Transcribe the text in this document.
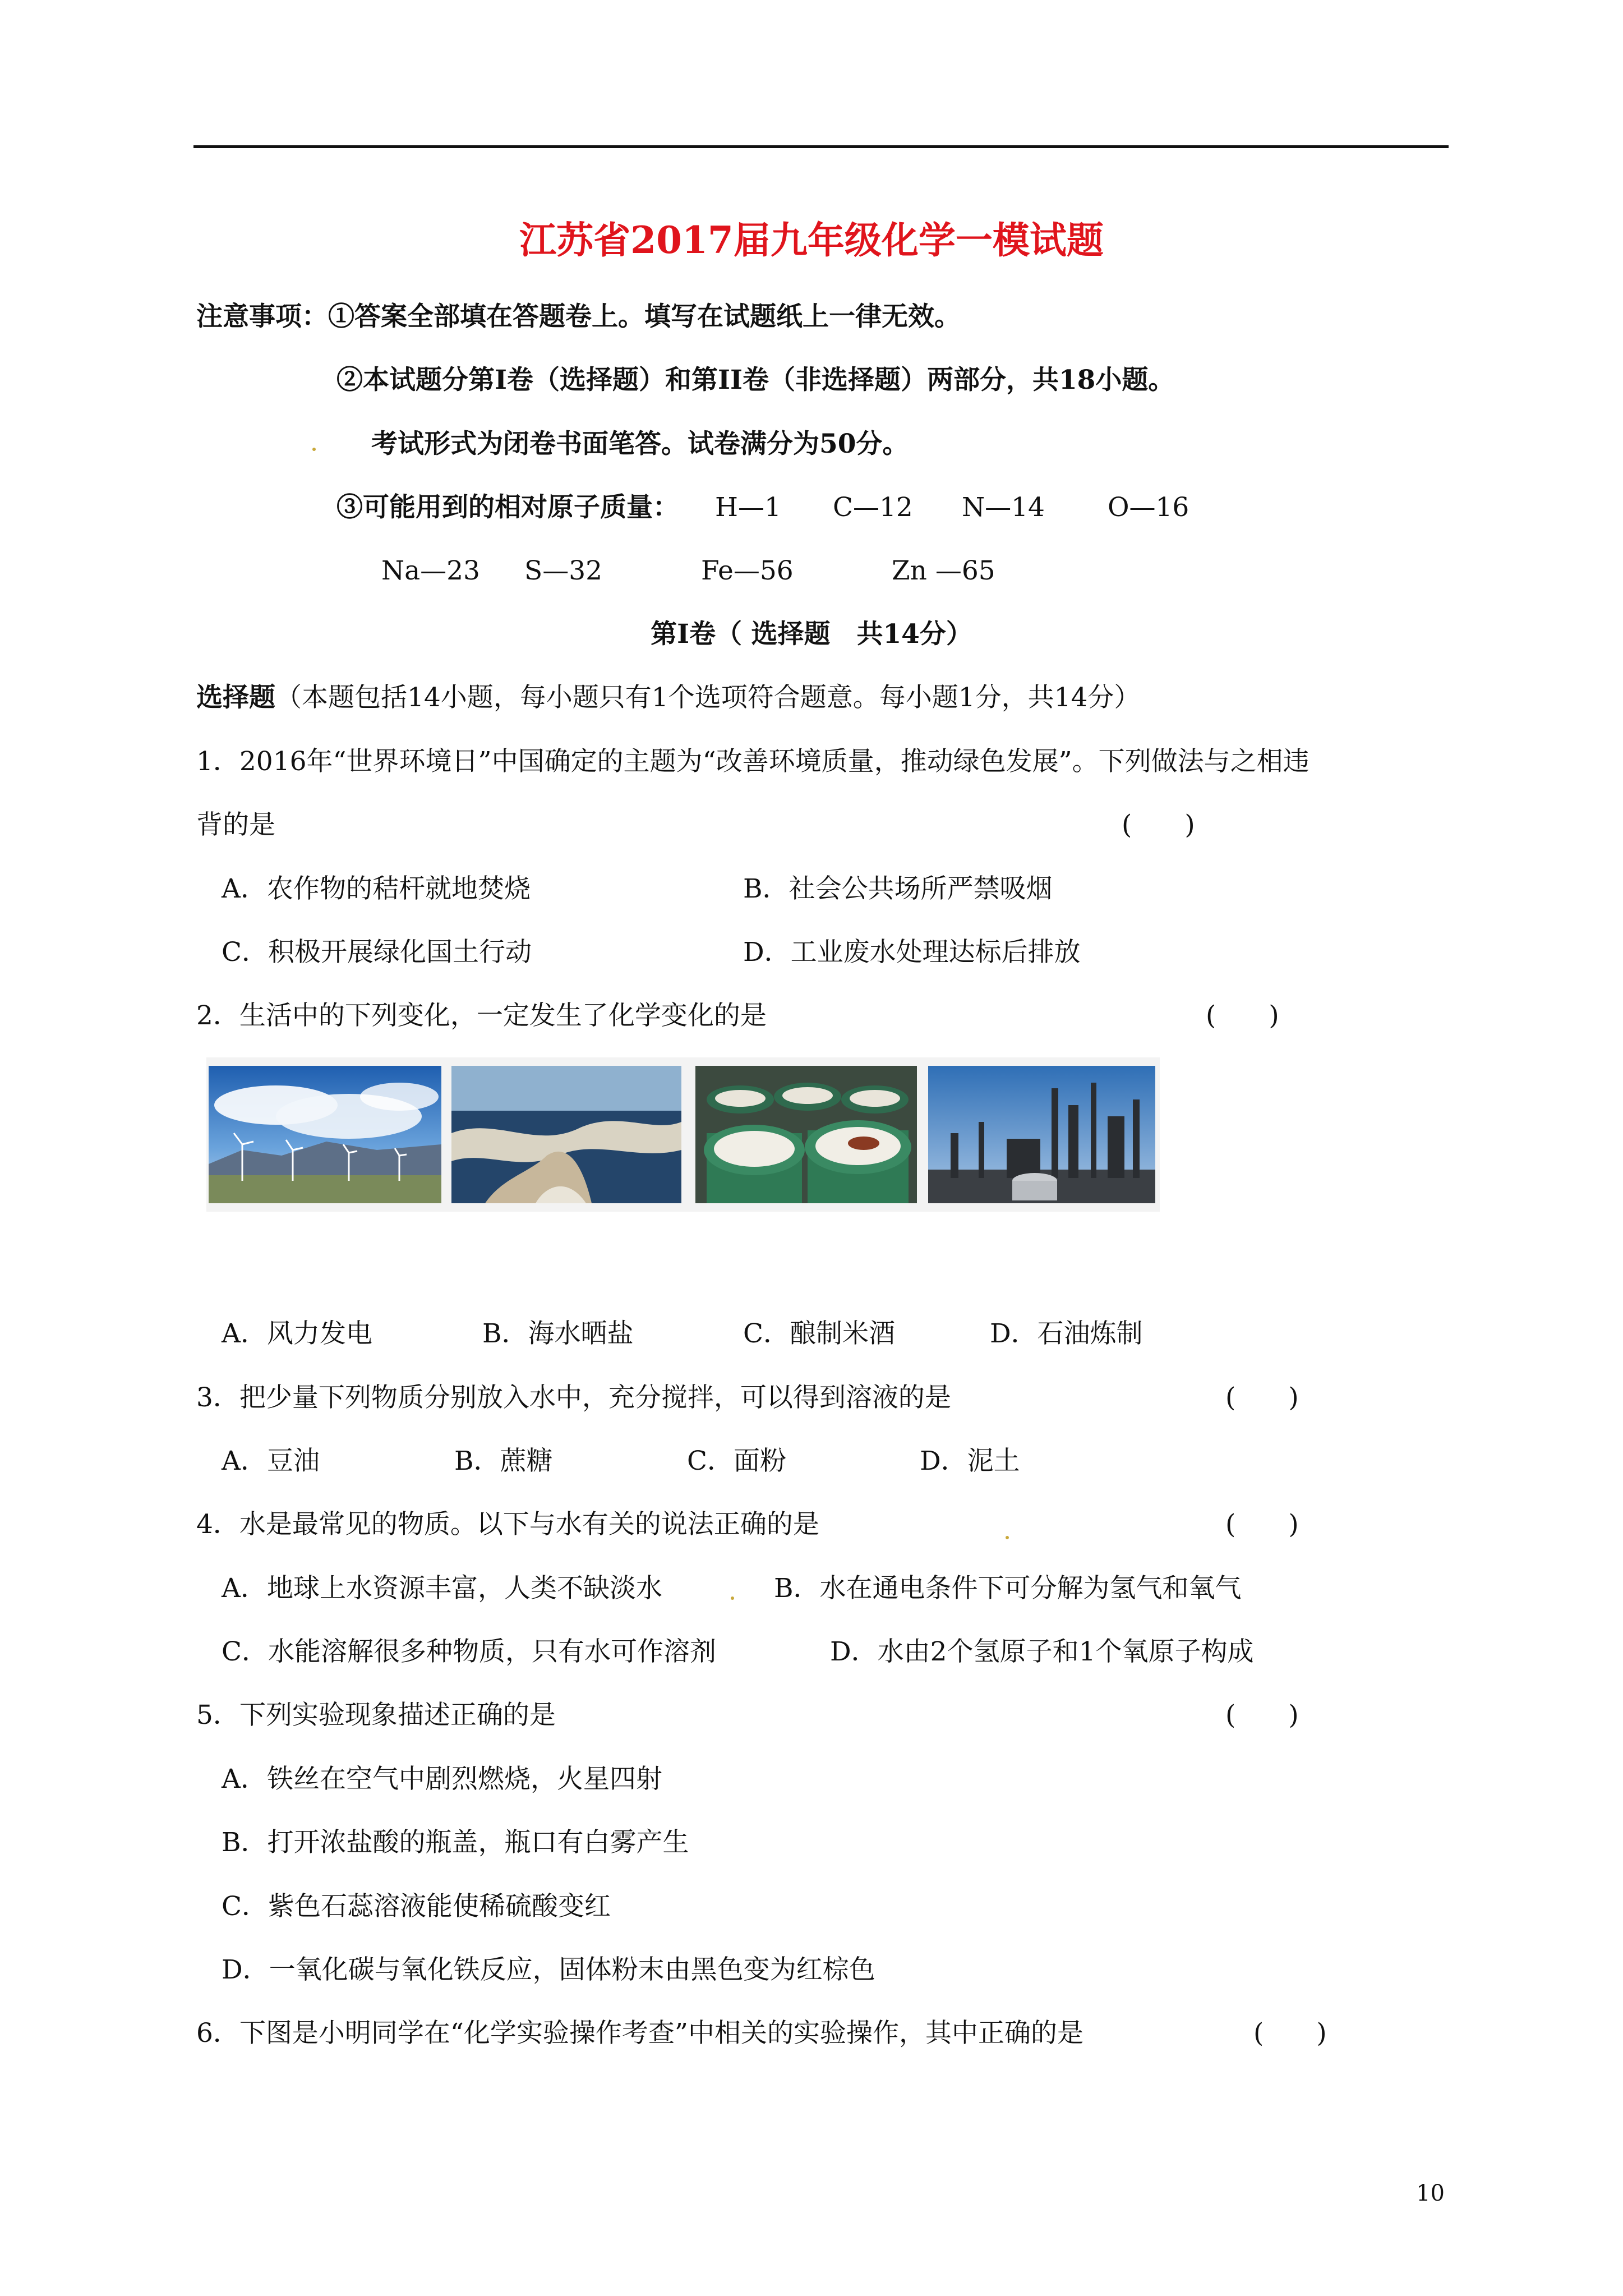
江苏省2017届九年级化学一模试题
注意事项：①答案全部填在答题卷上。填写在试题纸上一律无效。
②本试题分第Ⅰ卷（选择题）和第II卷（非选择题）两部分，共18小题。
考试形式为闭卷书面笔答。试卷满分为50分。
③可能用到的相对原子质量： H—1 C—12 N—14 O—16
Na—23 S—32	Fe—56	Zn —65
第Ⅰ卷（ 选择题　共14分）
选择题（本题包括14小题，每小题只有1个选项符合题意。每小题1分，共14分）
1．2016年“世界环境日”中国确定的主题为“改善环境质量，推动绿色发展”。下列做法与之相违
背的是	(　　)
A．农作物的秸杆就地焚烧	B．社会公共场所严禁吸烟
C．积极开展绿化国土行动	D．工业废水处理达标后排放
2．生活中的下列变化，一定发生了化学变化的是	(　　)
A．风力发电	B．海水晒盐	C．酿制米酒	D．石油炼制
3．把少量下列物质分别放入水中，充分搅拌，可以得到溶液的是	(　　)
A．豆油	B．蔗糖	C．面粉	D．泥土
4．水是最常见的物质。以下与水有关的说法正确的是	(　　)
A．地球上水资源丰富，人类不缺淡水	B．水在通电条件下可分解为氢气和氧气
C．水能溶解很多种物质，只有水可作溶剂	D．水由2个氢原子和1个氧原子构成
5．下列实验现象描述正确的是	(　　)
A．铁丝在空气中剧烈燃烧，火星四射
B．打开浓盐酸的瓶盖，瓶口有白雾产生
C．紫色石蕊溶液能使稀硫酸变红
D．一氧化碳与氧化铁反应，固体粉末由黑色变为红棕色
6．下图是小明同学在“化学实验操作考查”中相关的实验操作，其中正确的是	(　　)
10
